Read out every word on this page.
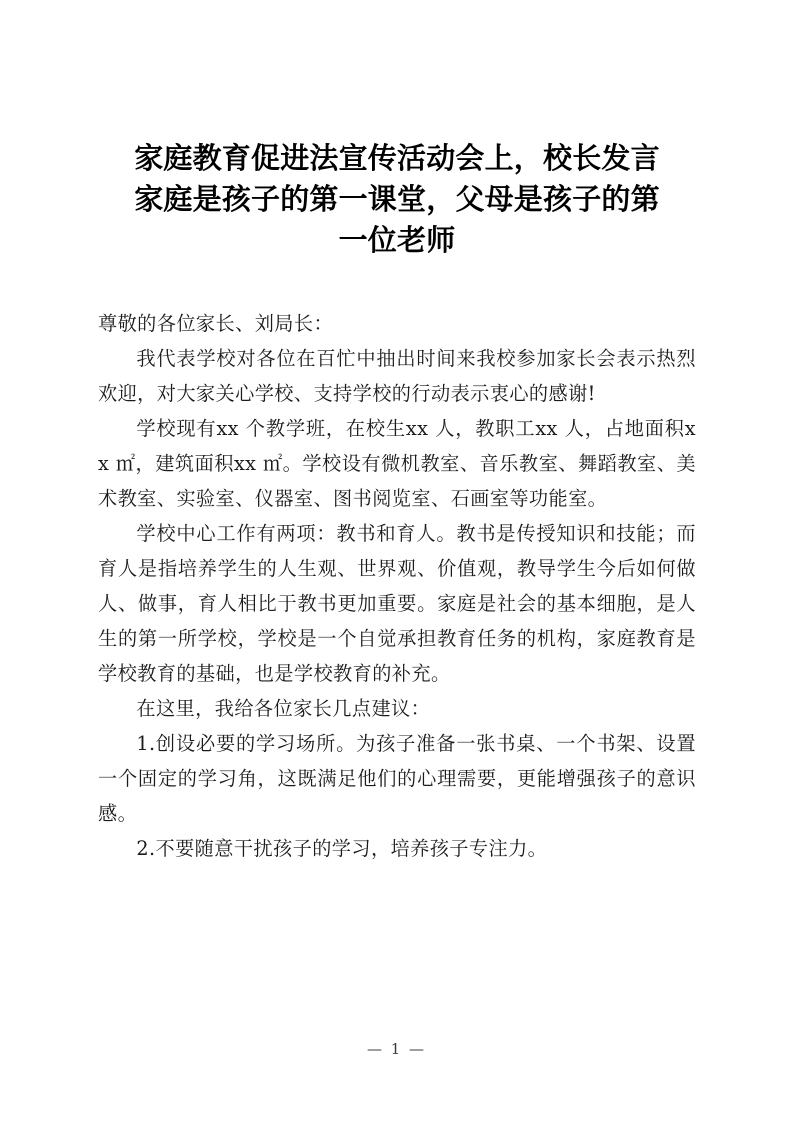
家庭教育促进法宣传活动会上，校长发言
家庭是孩子的第一课堂，父母是孩子的第
一位老师

尊敬的各位家长、刘局长：

我代表学校对各位在百忙中抽出时间来我校参加家长会表示热烈欢迎，对大家关心学校、支持学校的行动表示衷心的感谢!

学校现有xx 个教学班，在校生xx 人，教职工xx 人，占地面积xx ㎡，建筑面积xx ㎡。学校设有微机教室、音乐教室、舞蹈教室、美术教室、实验室、仪器室、图书阅览室、石画室等功能室。

学校中心工作有两项：教书和育人。教书是传授知识和技能；而育人是指培养学生的人生观、世界观、价值观，教导学生今后如何做人、做事，育人相比于教书更加重要。家庭是社会的基本细胞，是人生的第一所学校，学校是一个自觉承担教育任务的机构，家庭教育是学校教育的基础，也是学校教育的补充。

在这里，我给各位家长几点建议：

1.创设必要的学习场所。为孩子准备一张书桌、一个书架、设置一个固定的学习角，这既满足他们的心理需要，更能增强孩子的意识感。

2.不要随意干扰孩子的学习，培养孩子专注力。

— 1 —
